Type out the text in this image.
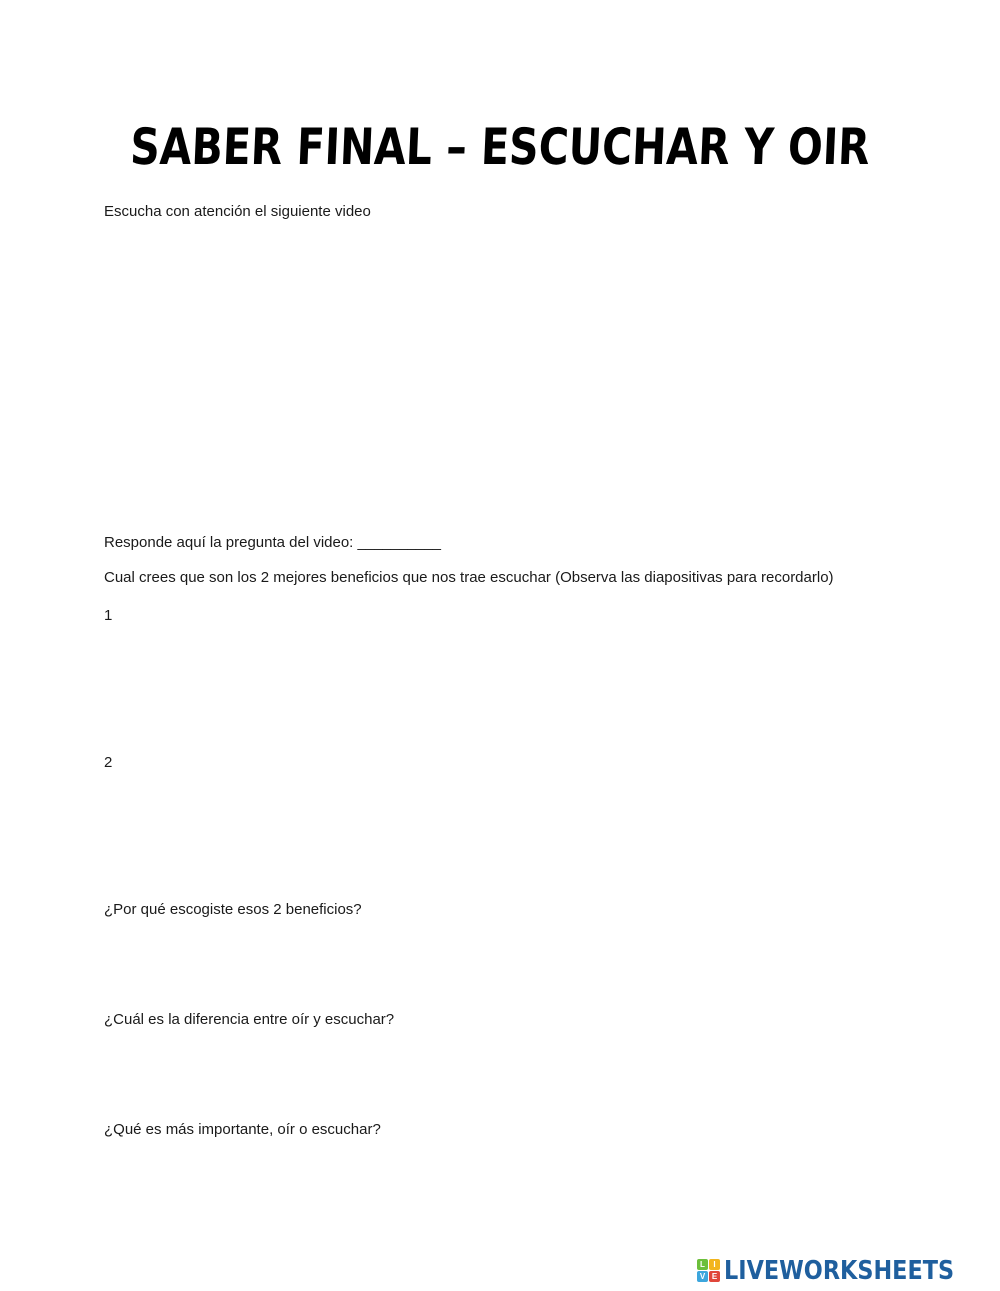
SABER FINAL – ESCUCHAR Y OIR
Escucha con atención el siguiente video
Responde aquí la pregunta del video: __________
Cual crees que son los 2 mejores beneficios que nos trae escuchar (Observa las diapositivas para recordarlo)
1
2
¿Por qué escogiste esos 2 beneficios?
¿Cuál es la diferencia entre oír y escuchar?
¿Qué es más importante, oír o escuchar?
L	I
V E LIVEWORKSHEETS
